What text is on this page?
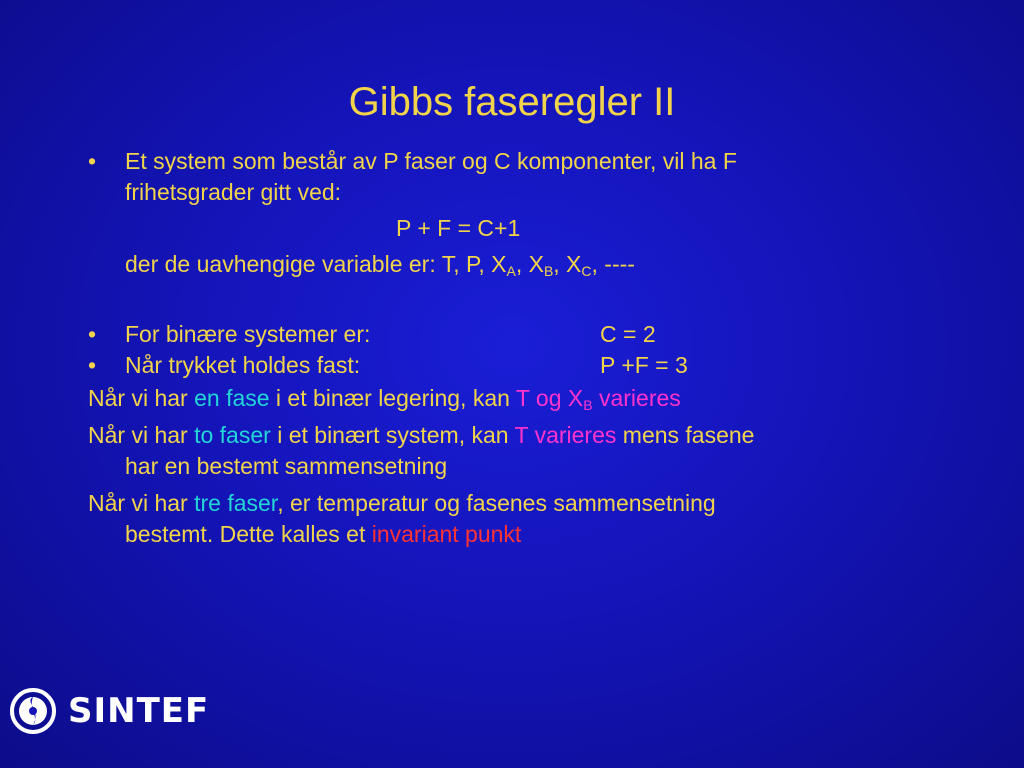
Gibbs faseregler II
• Et system som består av P faser og C komponenter, vil ha F
frihetsgrader gitt ved:
P + F = C+1
der de uavhengige variable er: T, P, $X_A$, $X_B$, $X_C$, ----
• For binære systemer er:	C = 2
• Når trykket holdes fast:	P +F = 3
Når vi har en fase i et binær legering, kan T og $X_B$ varieres
Når vi har to faser i et binært system, kan T varieres mens fasene
har en bestemt sammensetning
Når vi har tre faser, er temperatur og fasenes sammensetning
bestemt. Dette kalles et invariant punkt
SINTEF
